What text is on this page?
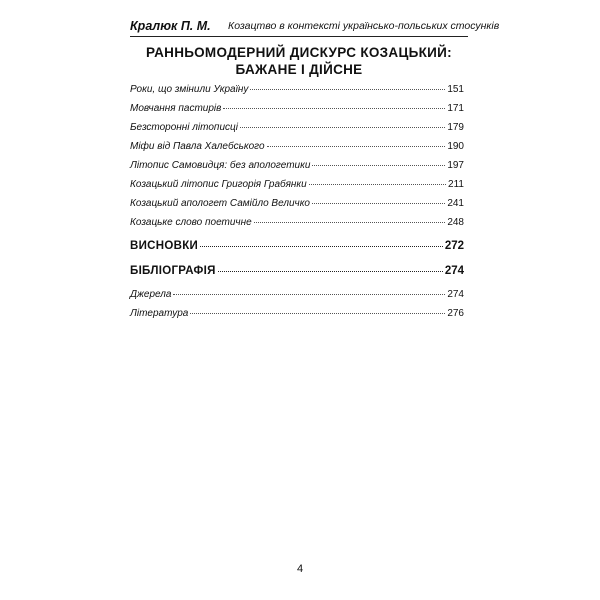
Кралюк П. М. Козацтво в контексті українсько-польських стосунків
РАННЬОМОДЕРНИЙ ДИСКУРС КОЗАЦЬКИЙ:
БАЖАНЕ І ДІЙСНЕ
Роки, що змінили Україну	151
Мовчання пастирів	171
Безсторонні літописці	179
Міфи від Павла Халебського	190
Літопис Самовидця: без апологетики	197
Козацький літопис Григорія Грабянки	211
Козацький апологет Самійло Величко	241
Козацьке слово поетичне	248
ВИСНОВКИ	272
БІБЛІОГРАФІЯ	274
Джерела	274
Література	276
4
